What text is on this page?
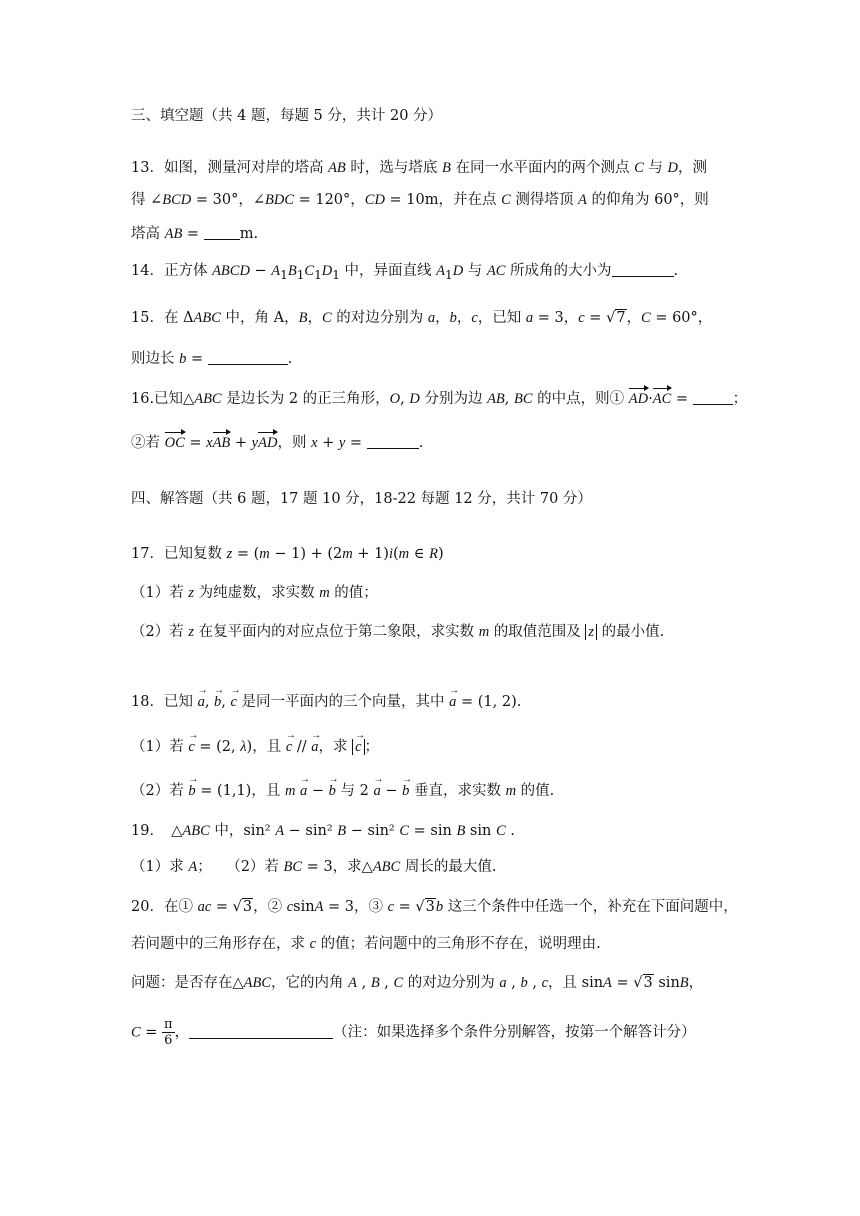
三、填空题（共 4 题，每题 5 分，共计 20 分）
13．如图，测量河对岸的塔高 AB 时，选与塔底 B 在同一水平面内的两个测点 C 与 D，测
得 ∠BCD = 30°，∠BDC = 120°，CD = 10m，并在点 C 测得塔顶 A 的仰角为 60°，则
塔高 AB = m.
14．正方体 ABCD − $A_1B_1C_1D_1$ 中，异面直线 $A_1D$ 与 AC 所成角的大小为	.
15．在 ΔABC 中，角 A，B，C 的对边分别为 a，b，c，已知 a = 3，c = √7，C = 60°，
则边长 b =	.
16.已知△ABC 是边长为 2 的正三角形，O, D 分别为边 AB, BC 的中点，则① AD·AC =	；
②若 OC = xAB + yAD，则 x + y =	.
四、解答题（共 6 题，17 题 10 分，18-22 每题 12 分，共计 70 分）
17．已知复数 z = (m − 1) + (2m + 1)i(m ∈ R)
（1）若 z 为纯虚数，求实数 m 的值；
（2）若 z 在复平面内的对应点位于第二象限，求实数 m 的取值范围及 z 的最小值.
18．已知 → a, → b, → c 是同一平面内的三个向量，其中 → a = (1, 2).
（1）若 → c = (2, λ)，且 → c // → a，求 → c ；
（2）若 → b = (1,1)，且 m → a − → b 与 2 → a − → b 垂直，求实数 m 的值.
19．　△ABC 中，sin² A − sin² B − sin² C = sin B sin C .
（1）求 A；　　（2）若 BC = 3，求△ABC 周长的最大值.
20．在① ac = √3，② csinA = 3，③ c = √3b 这三个条件中任选一个，补充在下面问题中，
若问题中的三角形存在，求 c 的值；若问题中的三角形不存在，说明理由.
问题：是否存在△ABC，它的内角 A , B , C 的对边分别为 a , b , c，且 sinA = √3 sinB，
$C = \frac{\pi}{6}$ ，	（注：如果选择多个条件分别解答，按第一个解答计分）
